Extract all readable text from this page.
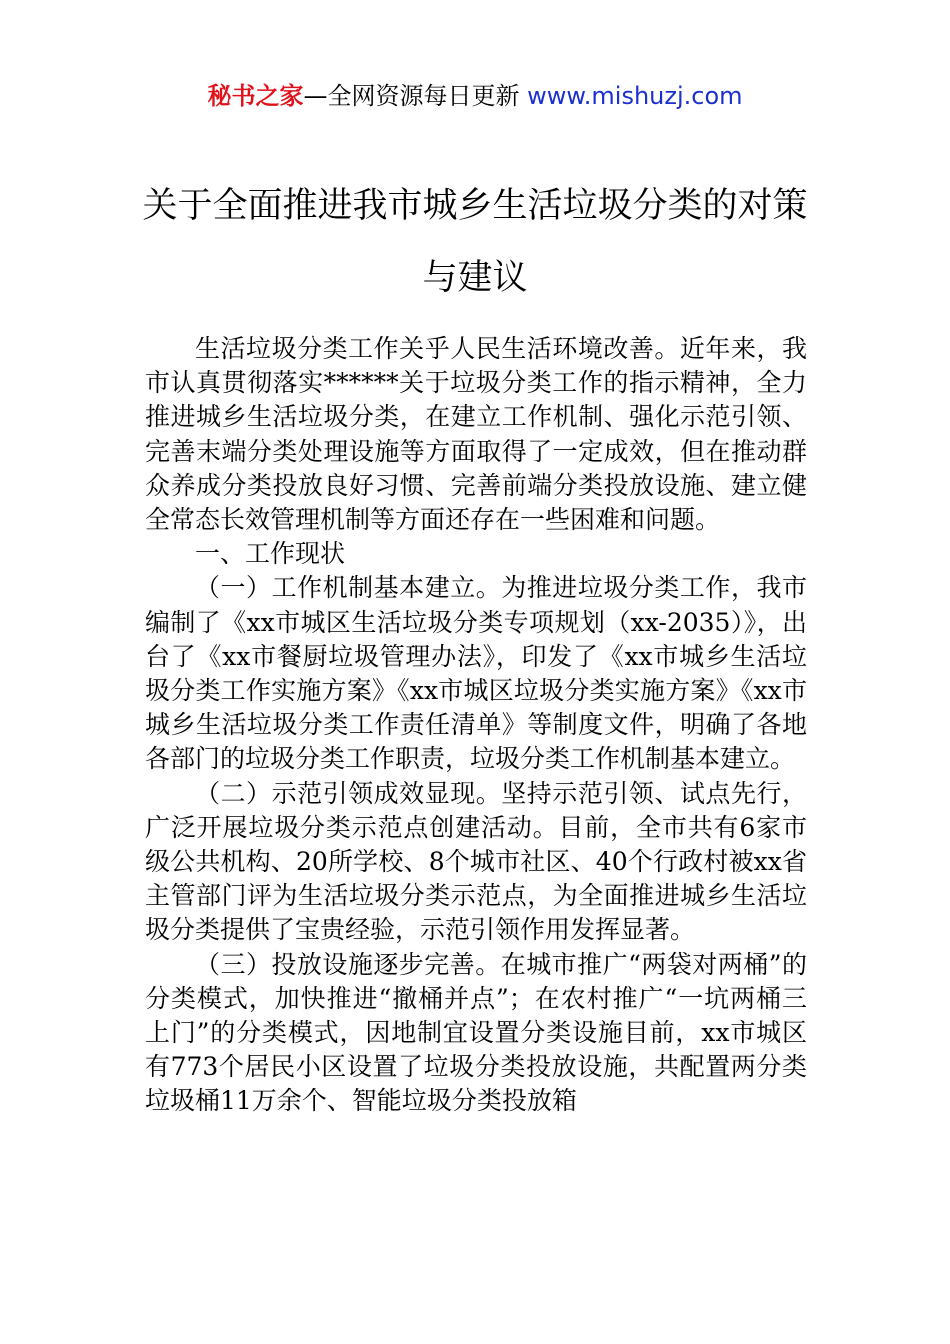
秘书之家—全网资源每日更新 www.mishuzj.com
关于全面推进我市城乡生活垃圾分类的对策与建议

生活垃圾分类工作关乎人民生活环境改善。近年来，我市认真贯彻落实******关于垃圾分类工作的指示精神，全力推进城乡生活垃圾分类，在建立工作机制、强化示范引领、完善末端分类处理设施等方面取得了一定成效，但在推动群众养成分类投放良好习惯、完善前端分类投放设施、建立健全常态长效管理机制等方面还存在一些困难和问题。

一、工作现状

（一）工作机制基本建立。为推进垃圾分类工作，我市编制了《xx市城区生活垃圾分类专项规划（xx-2035）》，出台了《xx市餐厨垃圾管理办法》，印发了《xx市城乡生活垃圾分类工作实施方案》《xx市城区垃圾分类实施方案》《xx市城乡生活垃圾分类工作责任清单》等制度文件，明确了各地各部门的垃圾分类工作职责，垃圾分类工作机制基本建立。

（二）示范引领成效显现。坚持示范引领、试点先行，广泛开展垃圾分类示范点创建活动。目前，全市共有6家市级公共机构、20所学校、8个城市社区、40个行政村被xx省主管部门评为生活垃圾分类示范点，为全面推进城乡生活垃圾分类提供了宝贵经验，示范引领作用发挥显著。

（三）投放设施逐步完善。在城市推广“两袋对两桶”的分类模式，加快推进“撤桶并点”；在农村推广“一坑两桶三上门”的分类模式，因地制宜设置分类设施目前，xx市城区有773个居民小区设置了垃圾分类投放设施，共配置两分类垃圾桶11万余个、智能垃圾分类投放箱
